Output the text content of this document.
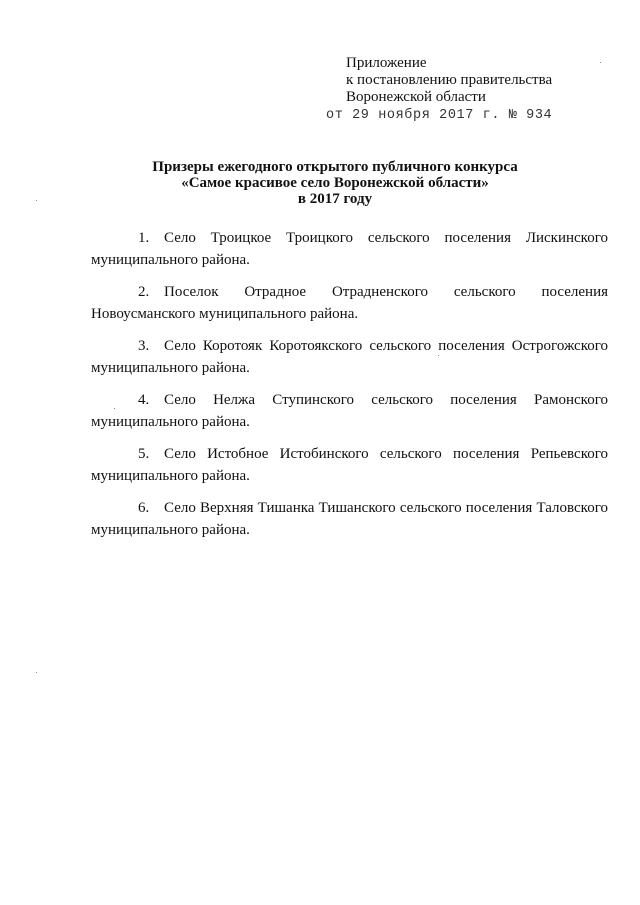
Приложение
к постановлению правительства
Воронежской области
от 29 ноября 2017 г. № 934
Призеры ежегодного открытого публичного конкурса
«Самое красивое село Воронежской области»
в 2017 году
1. Село Троицкое Троицкого сельского поселения Лискинского муниципального района.
2. Поселок Отрадное Отрадненского сельского поселения Новоусманского муниципального района.
3. Село Коротояк Коротоякского сельского поселения Острогожского муниципального района.
4. Село Нелжа Ступинского сельского поселения Рамонского муниципального района.
5. Село Истобное Истобинского сельского поселения Репьевского муниципального района.
6. Село Верхняя Тишанка Тишанского сельского поселения Таловского муниципального района.
